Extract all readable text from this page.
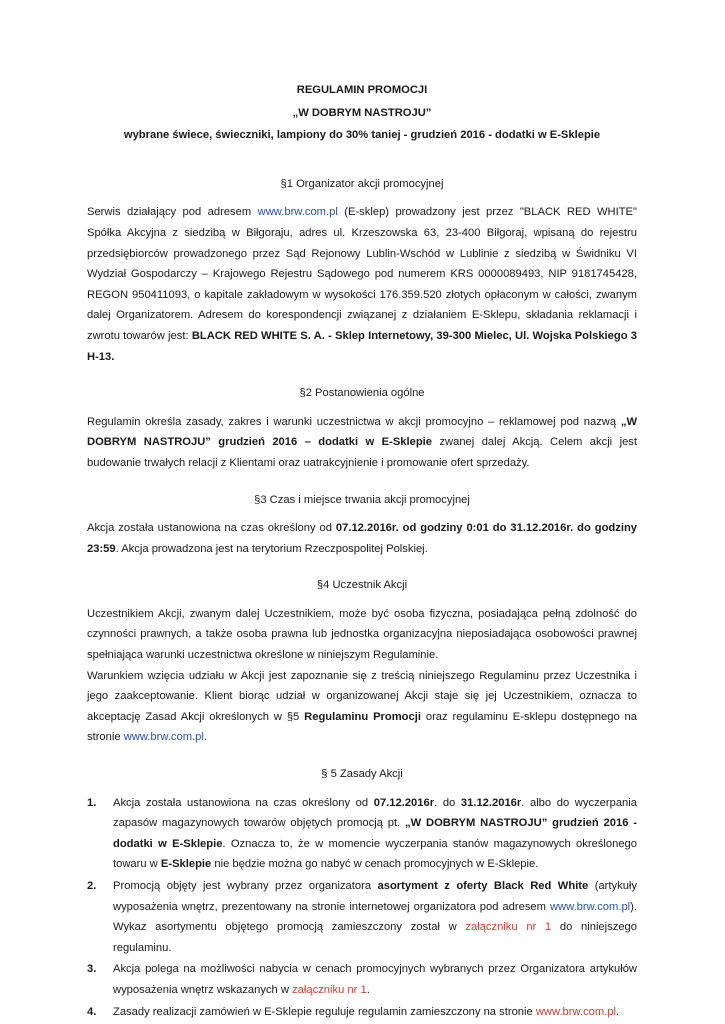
REGULAMIN PROMOCJI

„W DOBRYM NASTROJU”

wybrane świece, świeczniki, lampiony do 30% taniej - grudzień 2016 - dodatki w E-Sklepie

§1 Organizator akcji promocyjnej

Serwis działający pod adresem www.brw.com.pl (E-sklep) prowadzony jest przez "BLACK RED WHITE" Spółka Akcyjna z siedzibą w Biłgoraju, adres ul. Krzeszowska 63, 23-400 Biłgoraj, wpisaną do rejestru przedsiębiorców prowadzonego przez Sąd Rejonowy Lublin-Wschód w Lublinie z siedzibą w Świdniku VI Wydział Gospodarczy – Krajowego Rejestru Sądowego pod numerem KRS 0000089493, NIP 9181745428, REGON 950411093, o kapitale zakładowym w wysokości 176.359.520 złotych opłaconym w całości, zwanym dalej Organizatorem. Adresem do korespondencji związanej z działaniem E-Sklepu, składania reklamacji i zwrotu towarów jest: BLACK RED WHITE S. A. - Sklep Internetowy, 39-300 Mielec, Ul. Wojska Polskiego 3 H-13.

§2 Postanowienia ogólne

Regulamin określa zasady, zakres i warunki uczestnictwa w akcji promocyjno – reklamowej pod nazwą „W DOBRYM NASTROJU” grudzień 2016 – dodatki w E-Sklepie zwanej dalej Akcją. Celem akcji jest budowanie trwałych relacji z Klientami oraz uatrakcyjnienie i promowanie ofert sprzedaży.

§3 Czas i miejsce trwania akcji promocyjnej

Akcja została ustanowiona na czas określony od 07.12.2016r. od godziny 0:01 do 31.12.2016r. do godziny 23:59. Akcja prowadzona jest na terytorium Rzeczpospolitej Polskiej.

§4 Uczestnik Akcji

Uczestnikiem Akcji, zwanym dalej Uczestnikiem, może być osoba fizyczna, posiadająca pełną zdolność do czynności prawnych, a także osoba prawna lub jednostka organizacyjna nieposiadająca osobowości prawnej spełniająca warunki uczestnictwa określone w niniejszym Regulaminie.

Warunkiem wzięcia udziału w Akcji jest zapoznanie się z treścią niniejszego Regulaminu przez Uczestnika i jego zaakceptowanie. Klient biorąc udział w organizowanej Akcji staje się jej Uczestnikiem, oznacza to akceptację Zasad Akcji określonych w §5 Regulaminu Promocji oraz regulaminu E-sklepu dostępnego na stronie www.brw.com.pl.

§ 5 Zasady Akcji

1. Akcja została ustanowiona na czas określony od 07.12.2016r. do 31.12.2016r. albo do wyczerpania zapasów magazynowych towarów objętych promocją pt. „W DOBRYM NASTROJU” grudzień 2016 - dodatki w E-Sklepie. Oznacza to, że w momencie wyczerpania stanów magazynowych określonego towaru w E-Sklepie nie będzie można go nabyć w cenach promocyjnych w E-Sklepie.
2. Promocją objęty jest wybrany przez organizatora asortyment z oferty Black Red White (artykuły wyposażenia wnętrz, prezentowany na stronie internetowej organizatora pod adresem www.brw.com.pl). Wykaz asortymentu objętego promocją zamieszczony został w załączniku nr 1 do niniejszego regulaminu.
3. Akcja polega na możliwości nabycia w cenach promocyjnych wybranych przez Organizatora artykułów wyposażenia wnętrz wskazanych w załączniku nr 1.
4. Zasady realizacji zamówień w E-Sklepie reguluje regulamin zamieszczony na stronie www.brw.com.pl.
